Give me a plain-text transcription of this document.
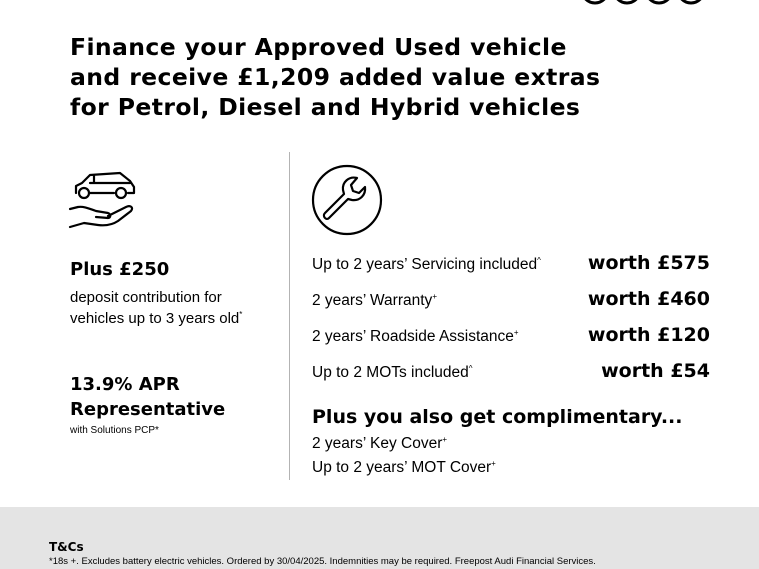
Finance your Approved Used vehicle
and receive £1,209 added value extras
for Petrol, Diesel and Hybrid vehicles
Plus £250
deposit contribution for
vehicles up to 3 years old*
13.9% APR
Representative
with Solutions PCP*
Up to 2 years’ Servicing included^ worth £575
2 years’ Warranty+	worth £460
2 years’ Roadside Assistance+	worth £120
Up to 2 MOTs included^	worth £54
Plus you also get complimentary...
2 years’ Key Cover+
Up to 2 years’ MOT Cover+
T&Cs
*18s +. Excludes battery electric vehicles. Ordered by 30/04/2025. Indemnities may be required. Freepost Audi Financial Services.
